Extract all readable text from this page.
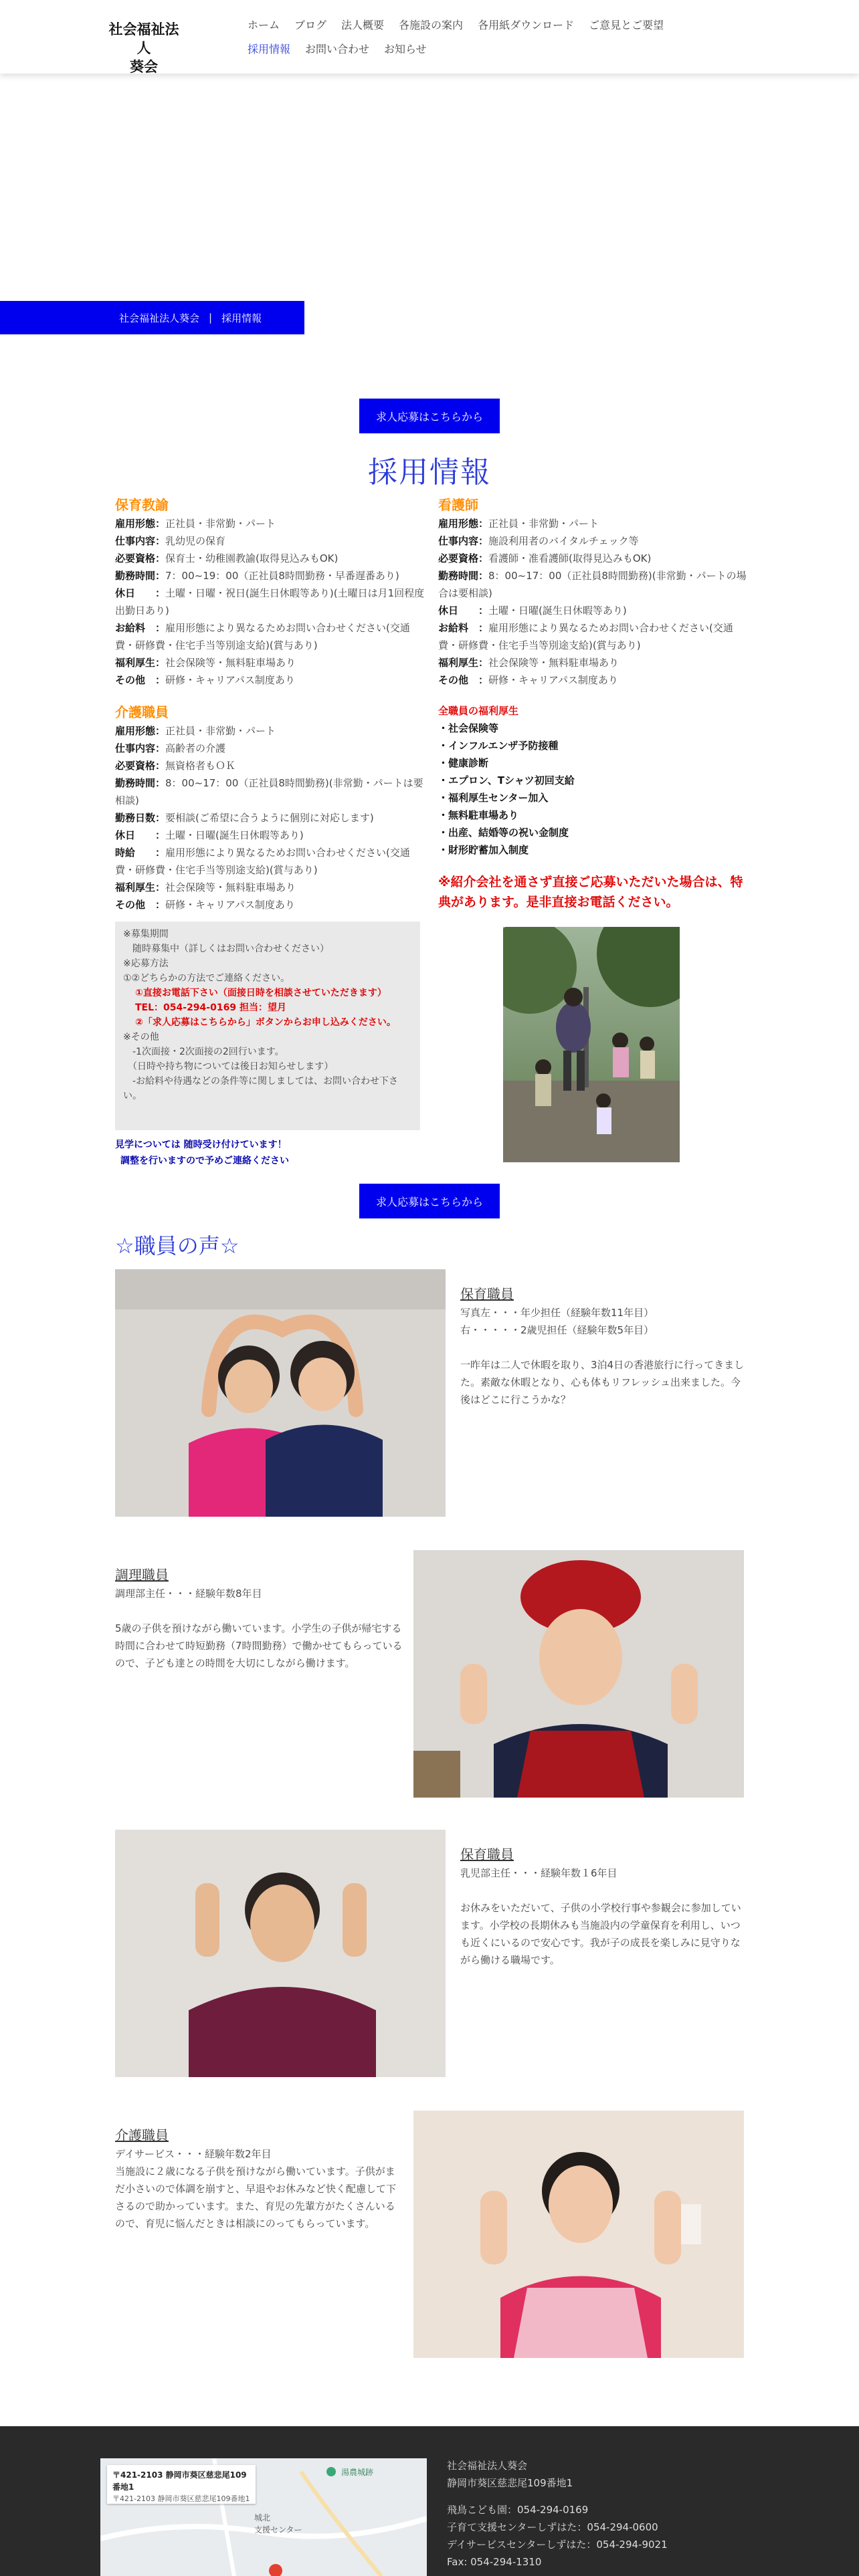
社会福祉法人
葵会
ホーム ブログ 法人概要 各施設の案内 各用紙ダウンロード ご意見とご要望
採用情報 お問い合わせ お知らせ
社会福祉法人葵会 | 採用情報
求人応募はこちらから
採用情報
保育教諭
雇用形態：正社員・非常勤・パート
仕事内容：乳幼児の保育
必要資格：保育士・幼稚園教諭(取得見込みもOK)
勤務時間：7：00~19：00（正社員8時間勤務・早番遅番あり)
休日　　：土曜・日曜・祝日(誕生日休暇等あり)(土曜日は月1回程度出勤日あり)
お給料　：雇用形態により異なるためお問い合わせください(交通費・研修費・住宅手当等別途支給)(賞与あり)
福利厚生：社会保険等・無料駐車場あり
その他　：研修・キャリアパス制度あり
介護職員
雇用形態：正社員・非常勤・パート
仕事内容：高齢者の介護
必要資格：無資格者もＯＫ
勤務時間：8：00~17：00（正社員8時間勤務)(非常勤・パートは要相談)
勤務日数：要相談(ご希望に合うように個別に対応します)
休日　　：土曜・日曜(誕生日休暇等あり)
時給　　：雇用形態により異なるためお問い合わせください(交通費・研修費・住宅手当等別途支給)(賞与あり)
福利厚生：社会保険等・無料駐車場あり
その他　：研修・キャリアパス制度あり
看護師
雇用形態：正社員・非常勤・パート
仕事内容：施設利用者のバイタルチェック等
必要資格：看護師・准看護師(取得見込みもOK)
勤務時間：8：00~17：00（正社員8時間勤務)(非常勤・パートの場合は要相談)
休日　　：土曜・日曜(誕生日休暇等あり)
お給料　：雇用形態により異なるためお問い合わせください(交通費・研修費・住宅手当等別途支給)(賞与あり)
福利厚生：社会保険等・無料駐車場あり
その他　：研修・キャリアパス制度あり
全職員の福利厚生
・社会保険等
・インフルエンザ予防接種
・健康診断
・エプロン、Tシャツ初回支給
・福利厚生センター加入
・無料駐車場あり
・出産、結婚等の祝い金制度
・財形貯蓄加入制度
※紹介会社を通さず直接ご応募いただいた場合は、特典があります。是非直接お電話ください。
※募集期間
　随時募集中（詳しくはお問い合わせください）
※応募方法
①②どちらかの方法でご連絡ください。
①直接お電話下さい（面接日時を相談させていただきます）TEL：054-294-0169 担当：望月
②「求人応募はこちらから」ボタンからお申し込みください。
※その他
　-1次面接・2次面接の2回行います。
　（日時や持ち物については後日お知らせします）
　-お給料や待遇などの条件等に関しましては、お問い合わせ下さい。
見学については 随時受け付けています！
調整を行いますので予めご連絡ください
求人応募はこちらから
☆職員の声☆
保育職員
写真左・・・年少担任（経験年数11年目）
右・・・・・2歳児担任（経験年数5年目）
一昨年は二人で休暇を取り、3泊4日の香港旅行に行ってきました。素敵な休暇となり、心も体もリフレッシュ出来ました。今後はどこに行こうかな？
調理職員
調理部主任・・・経験年数8年目
5歳の子供を預けながら働いています。小学生の子供が帰宅する時間に合わせて時短勤務（7時間勤務）で働かせてもらっているので、子ども達との時間を大切にしながら働けます。
保育職員
乳児部主任・・・経験年数１6年目
お休みをいただいて、子供の小学校行事や参観会に参加しています。小学校の長期休みも当施設内の学童保育を利用し、いつも近くにいるので安心です。我が子の成長を楽しみに見守りながら働ける職場です。
介護職員
デイサービス・・・経験年数2年目
当施設に２歳になる子供を預けながら働いています。子供がまだ小さいので体調を崩すと、早退やお休みなど快く配慮して下さるので助かっています。また、育児の先輩方がたくさんいるので、育児に悩んだときは相談にのってもらっています。
〒421-2103 静岡市葵区慈悲尾109番地1
〒421-2103 静岡市葵区慈悲尾109番地1
湯農城跡
城北
支援センター
社会福祉法人葵会
静岡市葵区慈悲尾109番地1
飛鳥こども園：054-294-0169
子育て支援センターしずはた：054-294-0600
デイサービスセンターしずはた：054-294-9021
Fax: 054-294-1310
